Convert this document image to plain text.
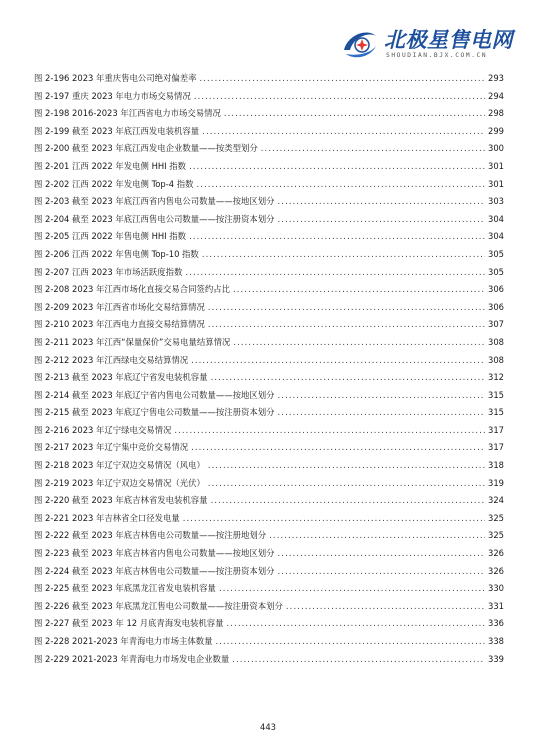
北极星售电网
SHOUDIAN.BJX.COM.CN
图 2-196 2023 年重庆售电公司绝对偏差率 .....	293
图 2-197 重庆 2023 年电力市场交易情况 .....	294
图 2-198 2016-2023 年江西省电力市场交易情况 .....	298
图 2-199 截至 2023 年底江西发电装机容量 .....	299
图 2-200 截至 2023 年底江西发电企业数量——按类型划分 .....	300
图 2-201 江西 2022 年发电侧 HHI 指数 .....	301
图 2-202 江西 2022 年发电侧 Top-4 指数 .....	301
图 2-203 截至 2023 年底江西省内售电公司数量——按地区划分 .....	303
图 2-204 截至 2023 年底江西售电公司数量——按注册资本划分 .....	304
图 2-205 江西 2022 年售电侧 HHI 指数 .....	304
图 2-206 江西 2022 年售电侧 Top-10 指数 .....	305
图 2-207 江西 2023 年市场活跃度指数 .....	305
图 2-208 2023 年江西市场化直接交易合同签约占比 .....	306
图 2-209 2023 年江西省市场化交易结算情况 .....	306
图 2-210 2023 年江西电力直接交易结算情况 .....	307
图 2-211 2023 年江西“保量保价”交易电量结算情况 .....	308
图 2-212 2023 年江西绿电交易结算情况 .....	308
图 2-213 截至 2023 年底辽宁省发电装机容量 .....	312
图 2-214 截至 2023 年底辽宁省内售电公司数量——按地区划分 .....	315
图 2-215 截至 2023 年底辽宁售电公司数量——按注册资本划分 .....	315
图 2-216 2023 年辽宁绿电交易情况 .....	317
图 2-217 2023 年辽宁集中竞价交易情况 .....	317
图 2-218 2023 年辽宁双边交易情况（风电） .....	318
图 2-219 2023 年辽宁双边交易情况（光伏） .....	319
图 2-220 截至 2023 年底吉林省发电装机容量 .....	324
图 2-221 2023 年吉林省全口径发电量 .....	325
图 2-222 截至 2023 年底吉林售电公司数量——按注册地划分 .....	325
图 2-223 截至 2023 年底吉林省内售电公司数量——按地区划分 .....	326
图 2-224 截至 2023 年底吉林售电公司数量——按注册资本划分 .....	326
图 2-225 截至 2023 年底黑龙江省发电装机容量 .....	330
图 2-226 截至 2023 年底黑龙江售电公司数量——按注册资本划分 .....	331
图 2-227 截至 2023 年 12 月底青海发电装机容量 .....	336
图 2-228 2021-2023 年青海电力市场主体数量 .....	338
图 2-229 2021-2023 年青海电力市场发电企业数量 .....	339
443
